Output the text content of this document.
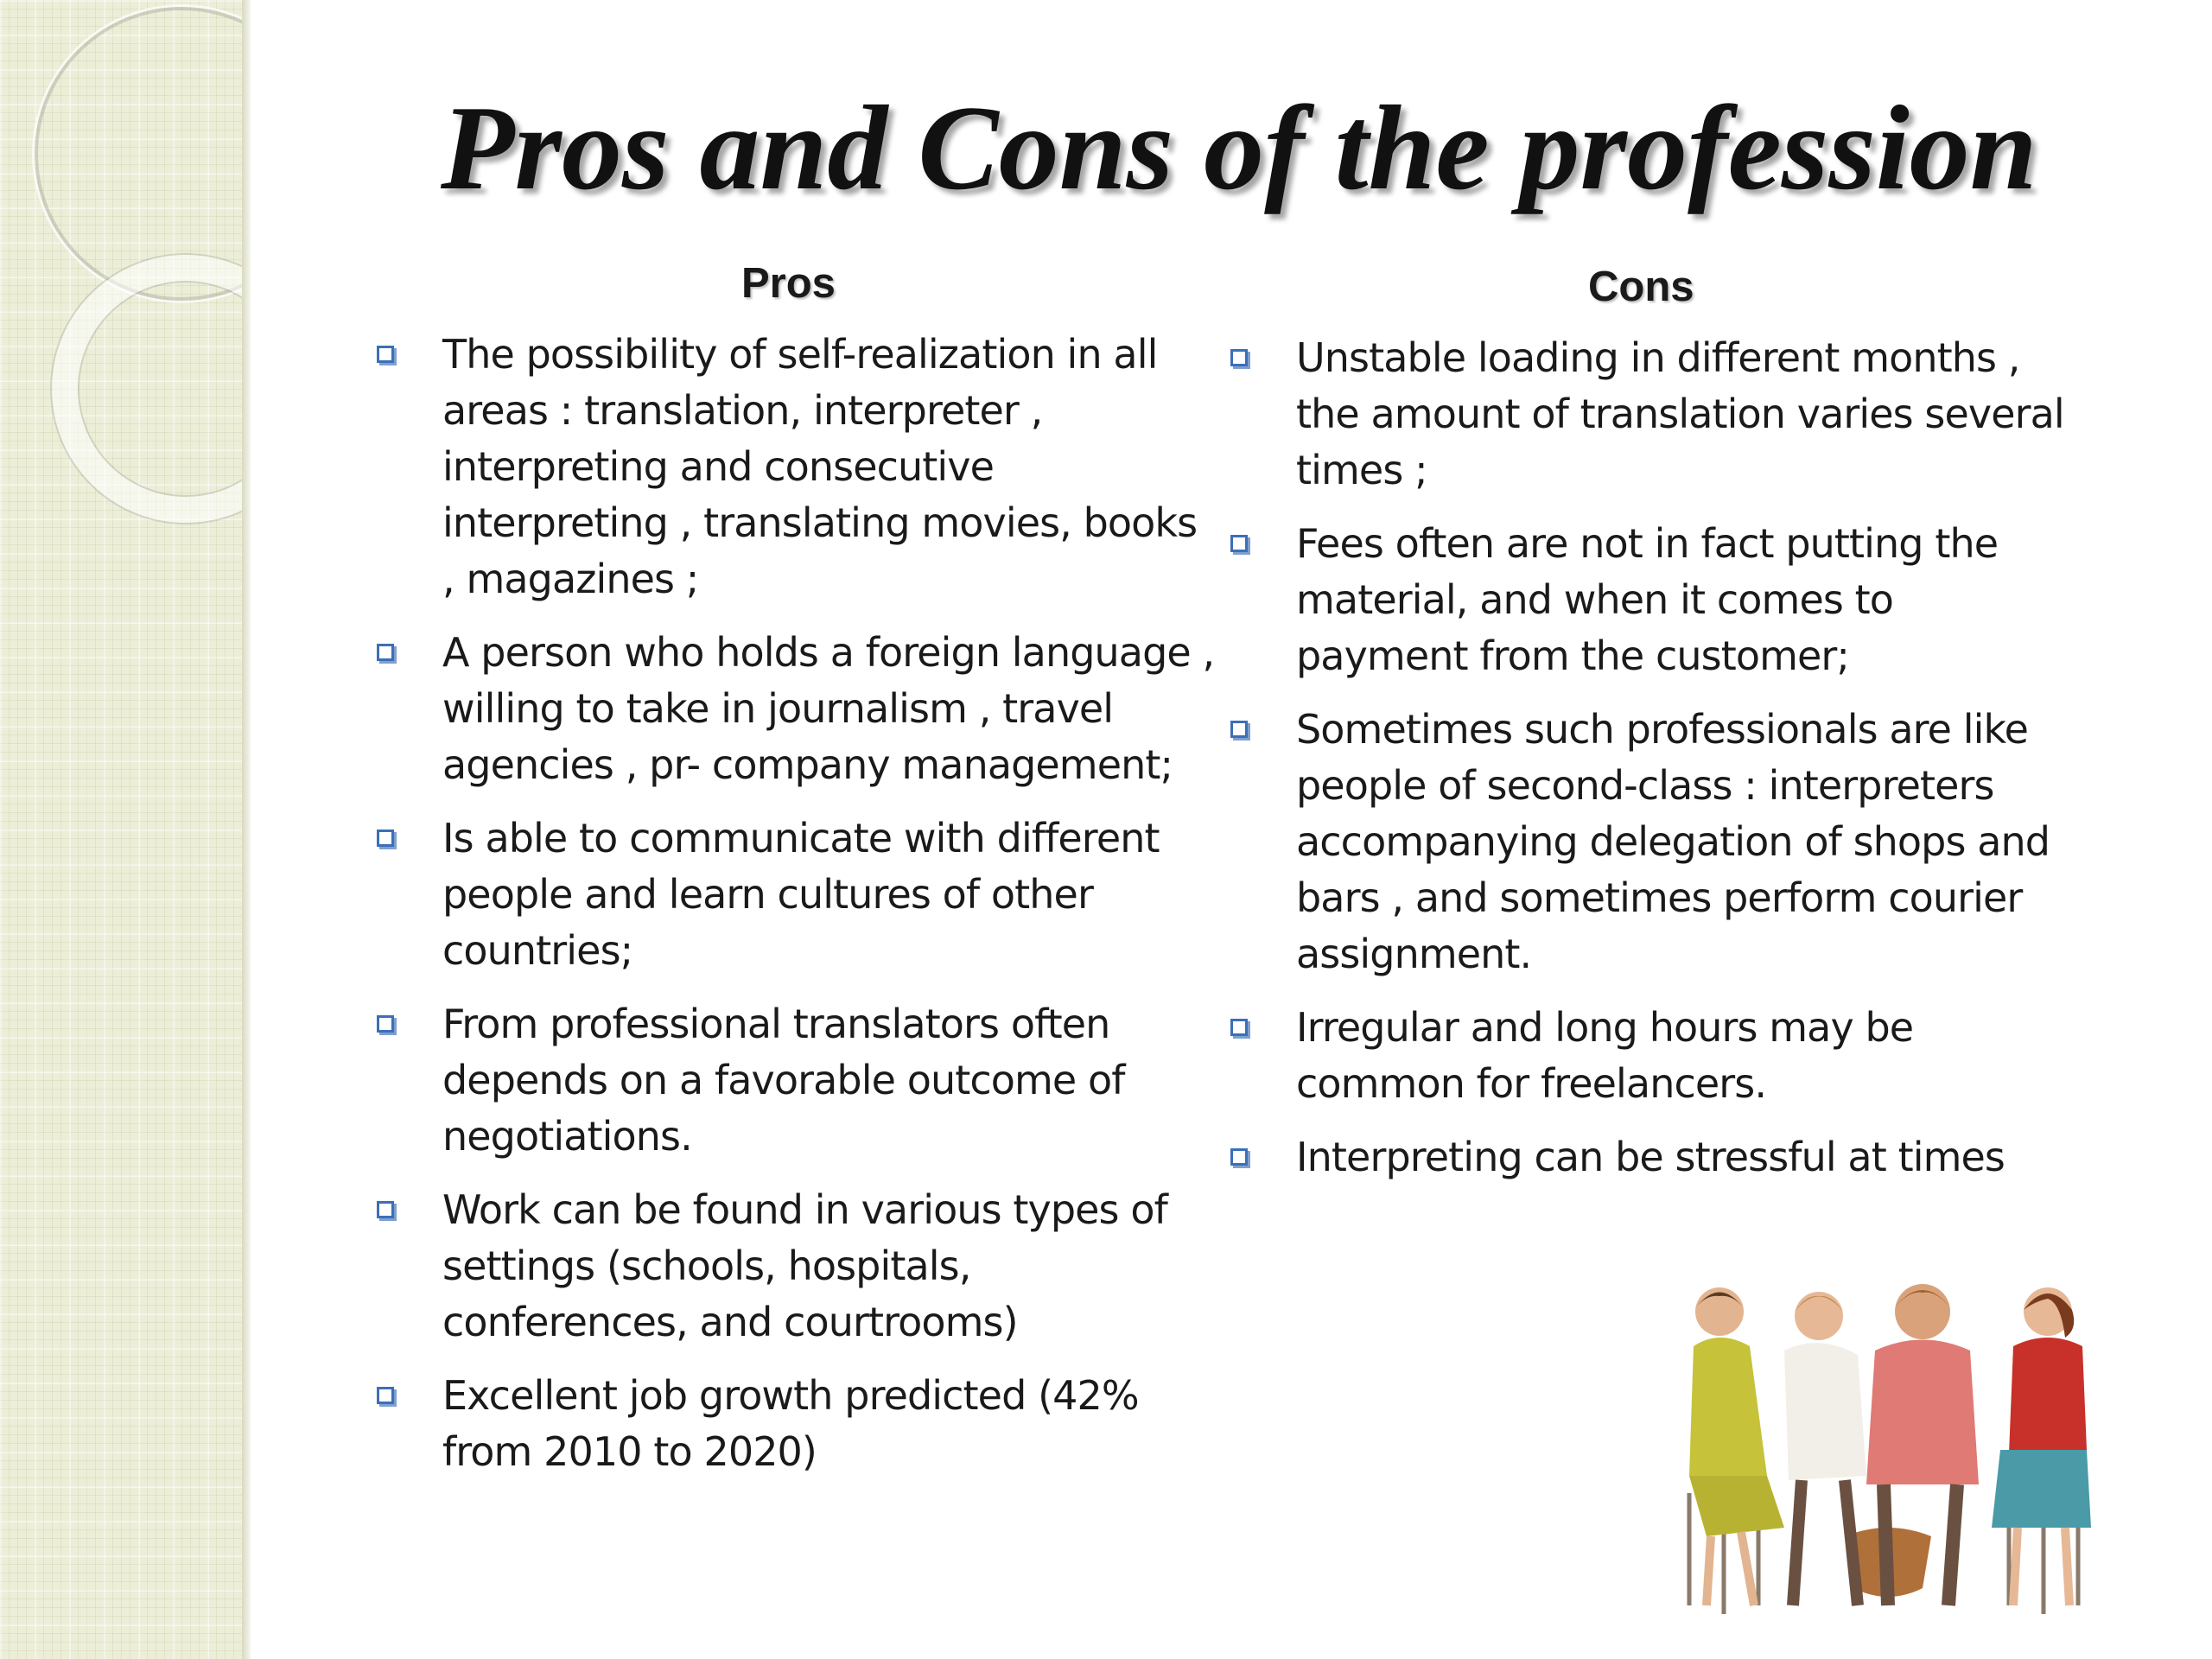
Pros and Cons of the profession
Pros	Cons
The possibility of self-realization in all areas : translation, interpreter , interpreting and consecutive interpreting , translating movies, books , magazines ;
A person who holds a foreign language , willing to take in journalism , travel agencies , pr- company management;
Is able to communicate with different people and learn cultures of other countries;
From professional translators often depends on a favorable outcome of negotiations.
Work can be found in various types of settings (schools, hospitals, conferences, and courtrooms)
Excellent job growth predicted (42% from 2010 to 2020)
Unstable loading in different months , the amount of translation varies several times ;
Fees often are not in fact putting the material, and when it comes to payment from the customer;
Sometimes such professionals are like people of second-class : interpreters accompanying delegation of shops and bars , and sometimes perform courier assignment.
Irregular and long hours may be common for freelancers.
Interpreting can be stressful at times
